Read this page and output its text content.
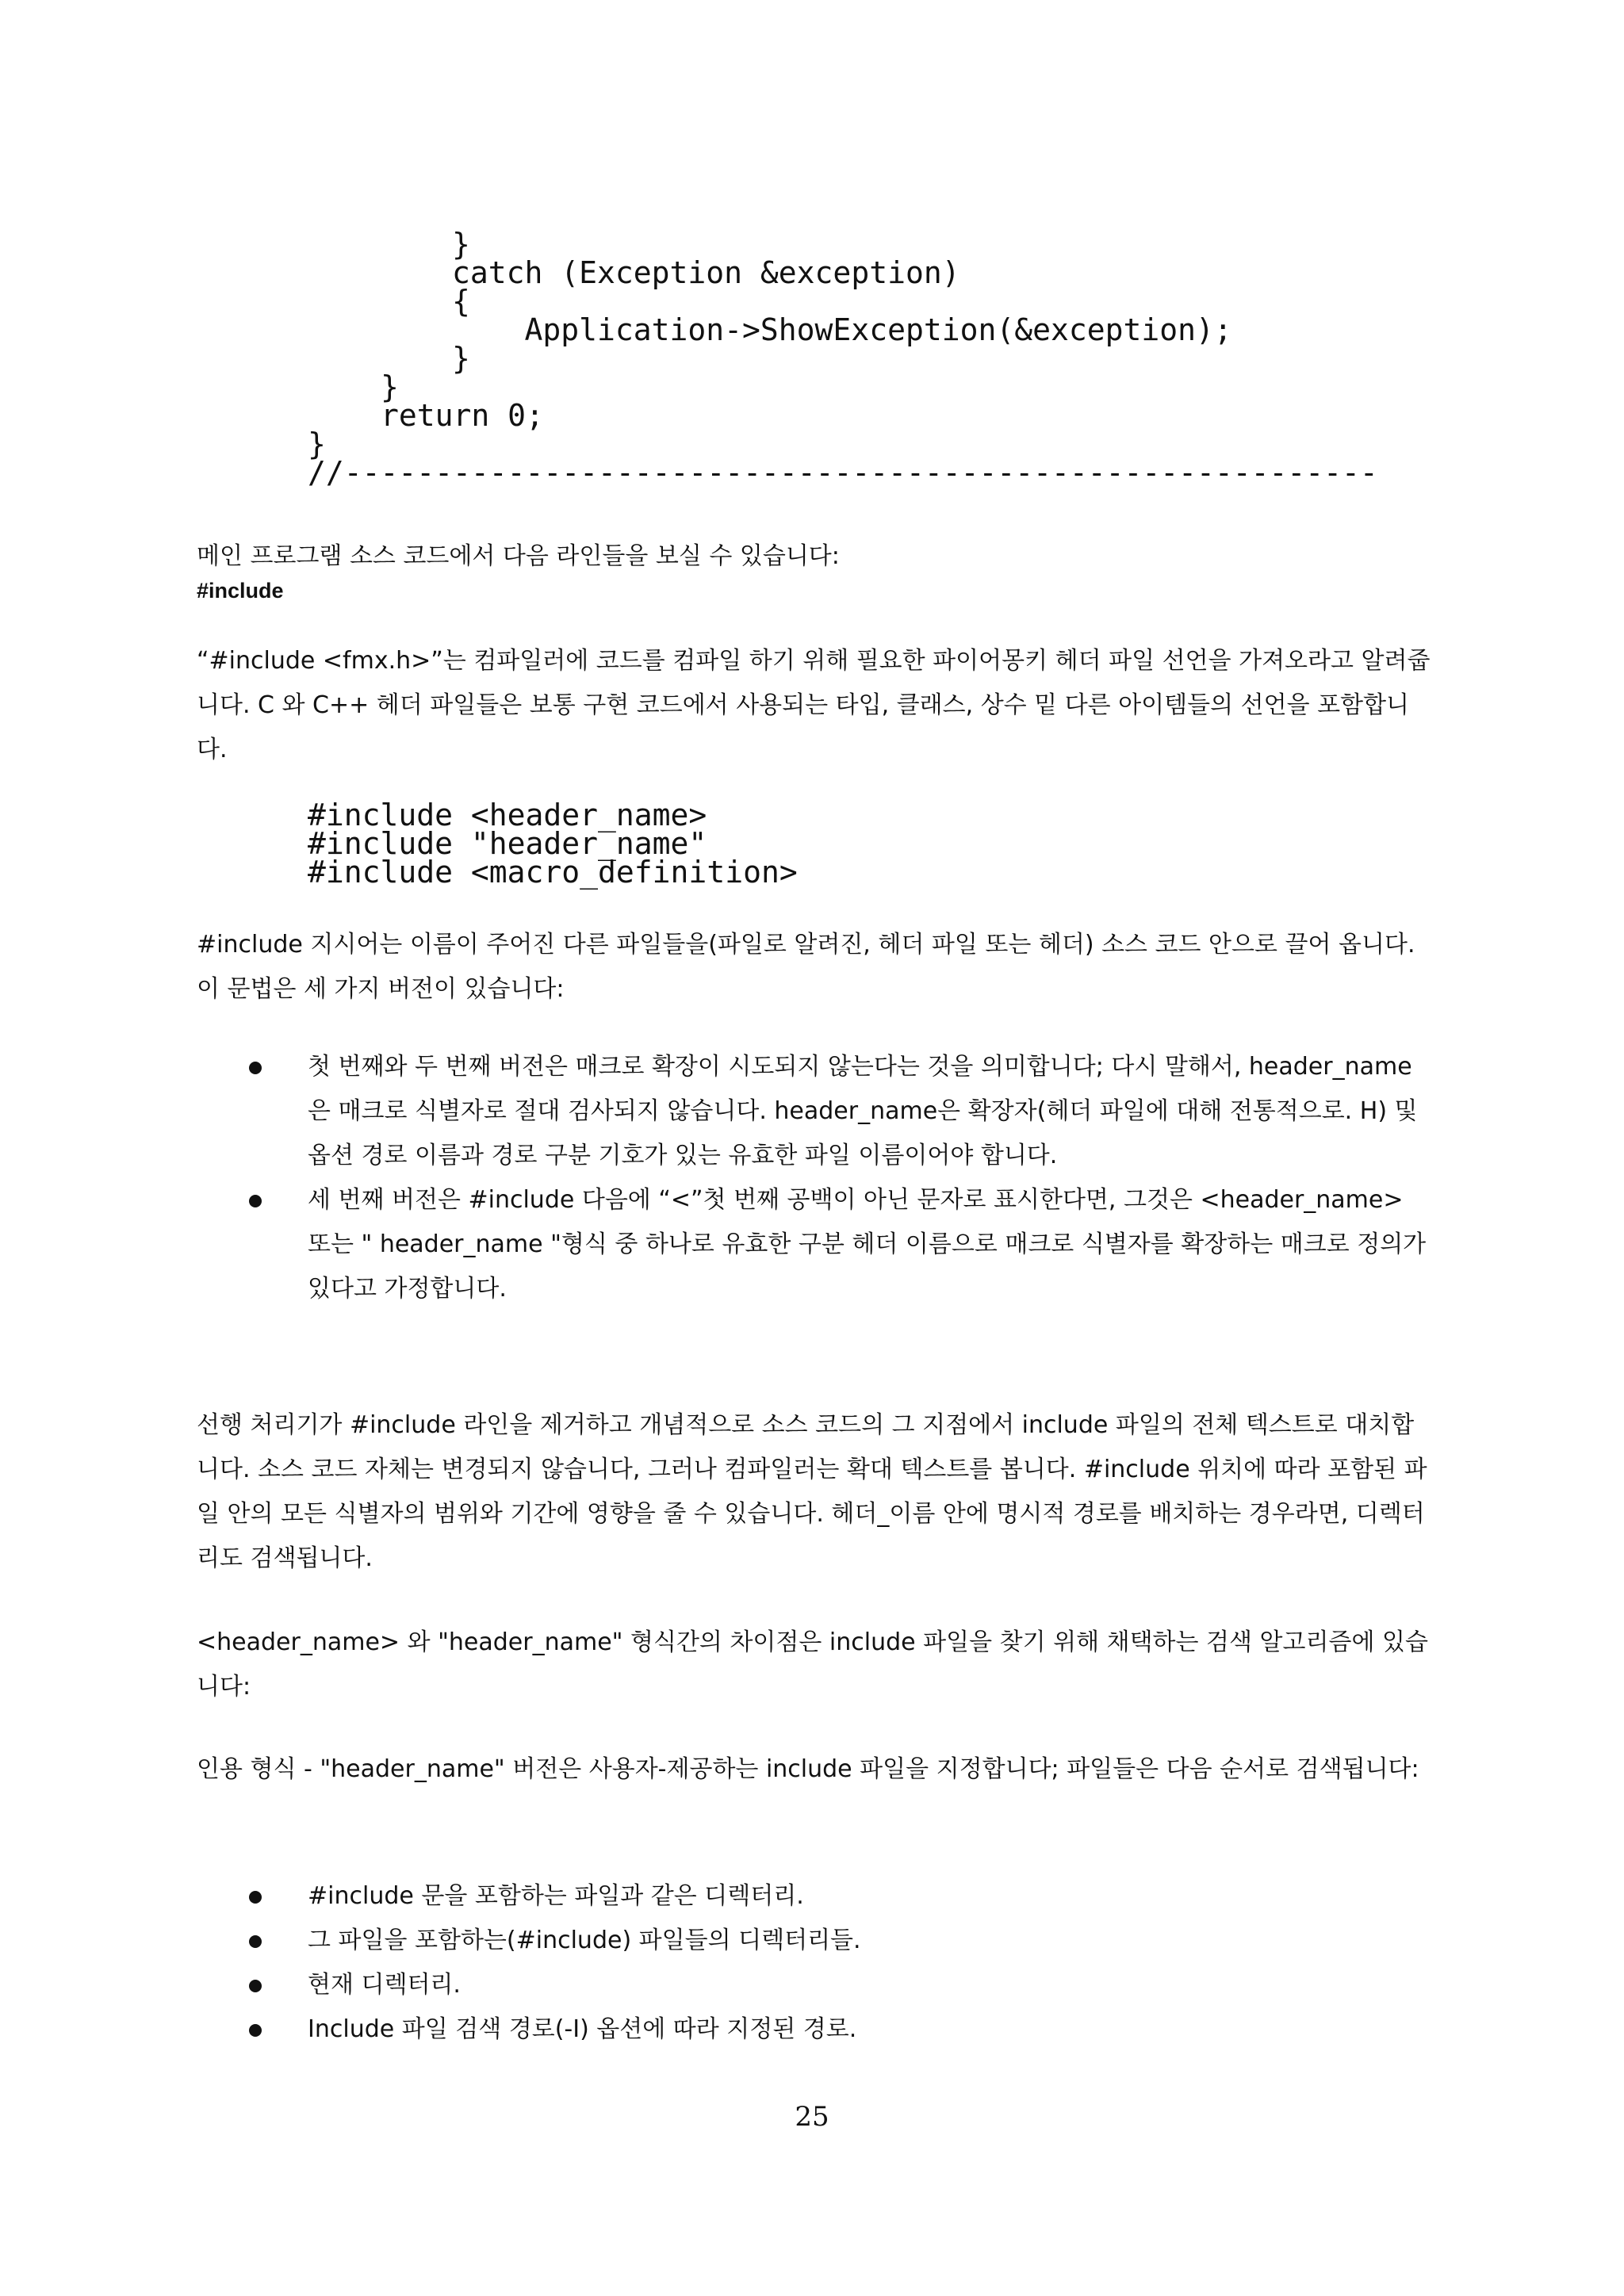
}
catch (Exception &exception)
{
Application->ShowException(&exception);
}
}
return 0;
}
//---------------------------------------------------------

메인 프로그램 소스 코드에서 다음 라인들을 보실 수 있습니다:

#include

“#include <fmx.h>”는 컴파일러에 코드를 컴파일 하기 위해 필요한 파이어몽키 헤더 파일 선언을 가져오라고 알려줍니다. C 와 C++ 헤더 파일들은 보통 구현 코드에서 사용되는 타입, 클래스, 상수 밑 다른 아이템들의 선언을 포함합니다.

#include <header_name>
#include "header_name"
#include <macro_definition>

#include 지시어는 이름이 주어진 다른 파일들을(파일로 알려진, 헤더 파일 또는 헤더) 소스 코드 안으로 끌어 옵니다. 이 문법은 세 가지 버전이 있습니다:

첫 번째와 두 번째 버전은 매크로 확장이 시도되지 않는다는 것을 의미합니다; 다시 말해서, header_name 은 매크로 식별자로 절대 검사되지 않습니다. header_name은 확장자(헤더 파일에 대해 전통적으로. H) 및 옵션 경로 이름과 경로 구분 기호가 있는 유효한 파일 이름이어야 합니다.
세 번째 버전은 #include 다음에 “<”첫 번째 공백이 아닌 문자로 표시한다면, 그것은 <header_name> 또는 " header_name "형식 중 하나로 유효한 구분 헤더 이름으로 매크로 식별자를 확장하는 매크로 정의가 있다고 가정합니다.

선행 처리기가 #include 라인을 제거하고 개념적으로 소스 코드의 그 지점에서 include 파일의 전체 텍스트로 대치합니다. 소스 코드 자체는 변경되지 않습니다, 그러나 컴파일러는 확대 텍스트를 봅니다. #include 위치에 따라 포함된 파일 안의 모든 식별자의 범위와 기간에 영향을 줄 수 있습니다. 헤더_이름 안에 명시적 경로를 배치하는 경우라면, 디렉터리도 검색됩니다.

<header_name> 와 "header_name" 형식간의 차이점은 include 파일을 찾기 위해 채택하는 검색 알고리즘에 있습니다:

인용 형식 - "header_name" 버전은 사용자-제공하는 include 파일을 지정합니다; 파일들은 다음 순서로 검색됩니다:

#include 문을 포함하는 파일과 같은 디렉터리.
그 파일을 포함하는(#include) 파일들의 디렉터리들.
현재 디렉터리.
Include 파일 검색 경로(-I) 옵션에 따라 지정된 경로.
25
